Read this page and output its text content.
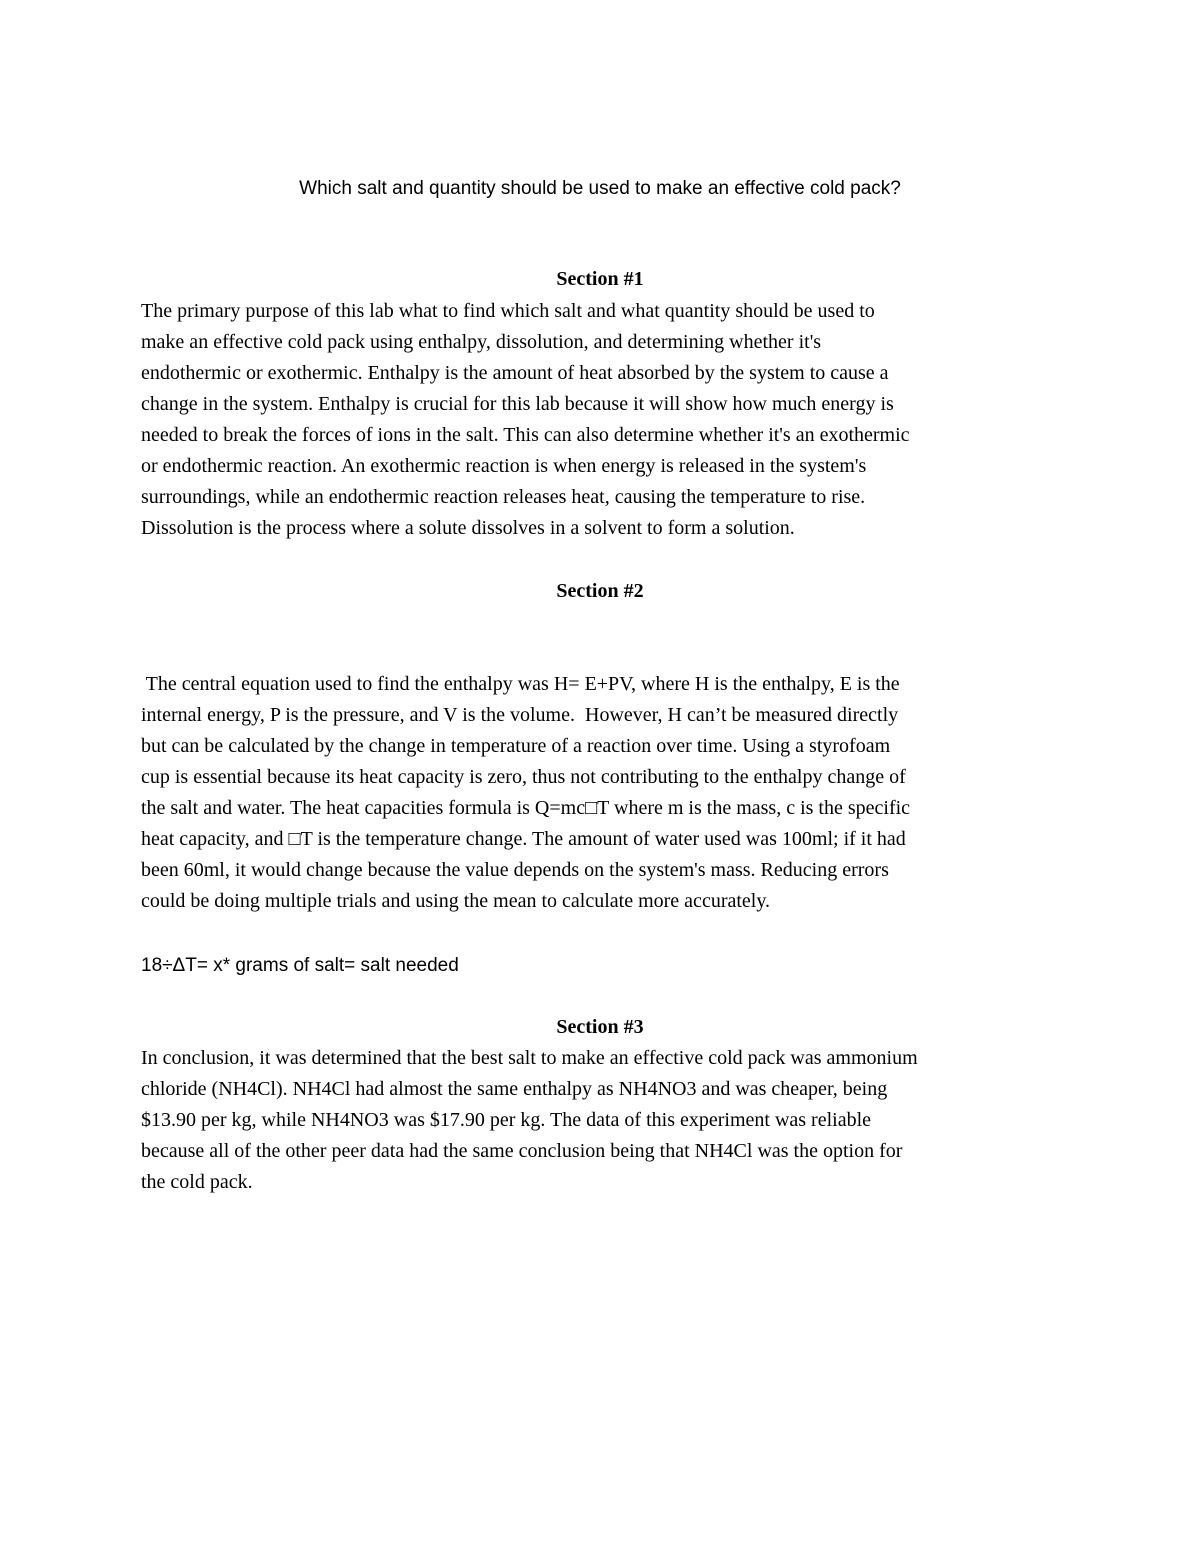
Which salt and quantity should be used to make an effective cold pack?
Section #1
The primary purpose of this lab what to find which salt and what quantity should be used to
make an effective cold pack using enthalpy, dissolution, and determining whether it's
endothermic or exothermic. Enthalpy is the amount of heat absorbed by the system to cause a
change in the system. Enthalpy is crucial for this lab because it will show how much energy is
needed to break the forces of ions in the salt. This can also determine whether it's an exothermic
or endothermic reaction. An exothermic reaction is when energy is released in the system's
surroundings, while an endothermic reaction releases heat, causing the temperature to rise.
Dissolution is the process where a solute dissolves in a solvent to form a solution.
Section #2
The central equation used to find the enthalpy was H= E+PV, where H is the enthalpy, E is the
internal energy, P is the pressure, and V is the volume.  However, H can’t be measured directly
but can be calculated by the change in temperature of a reaction over time. Using a styrofoam
cup is essential because its heat capacity is zero, thus not contributing to the enthalpy change of
the salt and water. The heat capacities formula is Q=mc□T where m is the mass, c is the specific
heat capacity, and □T is the temperature change. The amount of water used was 100ml; if it had
been 60ml, it would change because the value depends on the system's mass. Reducing errors
could be doing multiple trials and using the mean to calculate more accurately.
18÷ΔT= x* grams of salt= salt needed
Section #3
In conclusion, it was determined that the best salt to make an effective cold pack was ammonium
chloride (NH4Cl). NH4Cl had almost the same enthalpy as NH4NO3 and was cheaper, being
$13.90 per kg, while NH4NO3 was $17.90 per kg. The data of this experiment was reliable
because all of the other peer data had the same conclusion being that NH4Cl was the option for
the cold pack.
